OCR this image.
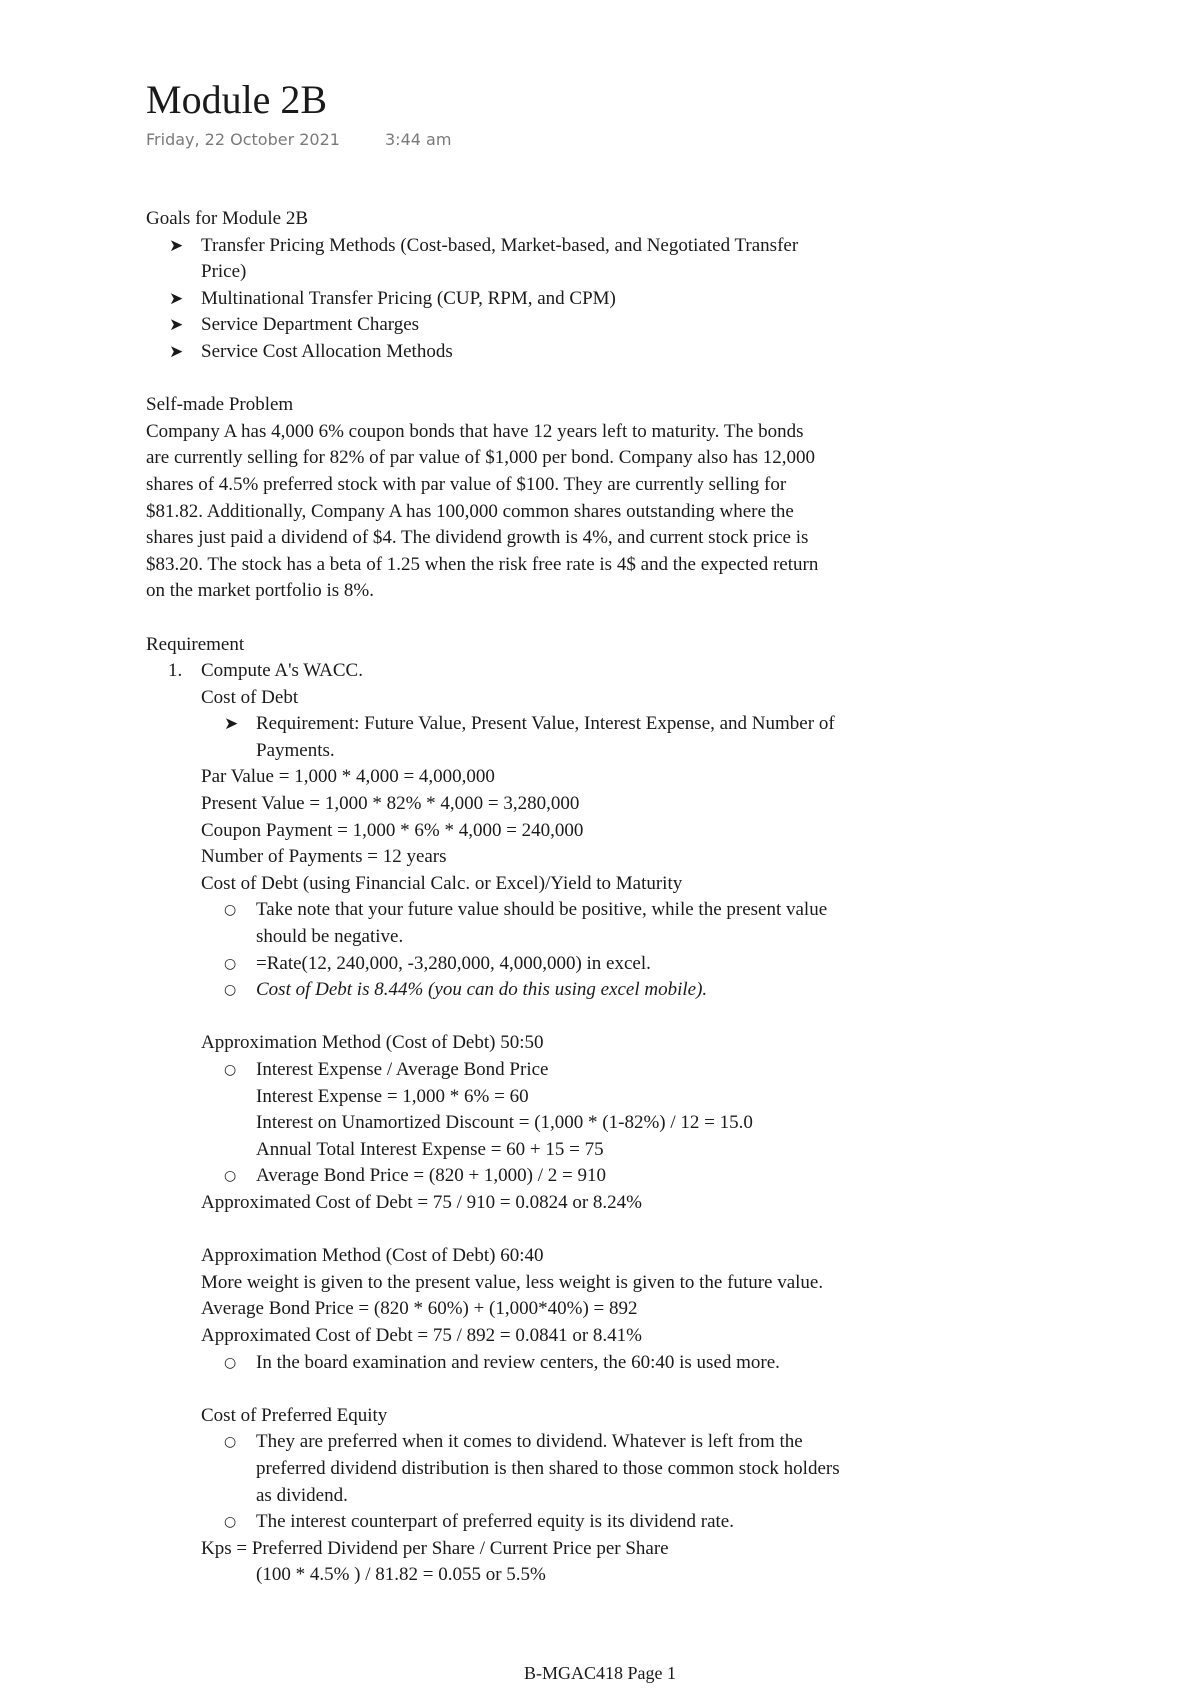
Module 2B
Friday, 22 October 2021	3:44 am
Goals for Module 2B
➤ Transfer Pricing Methods (Cost-based, Market-based, and Negotiated Transfer
Price)
➤ Multinational Transfer Pricing (CUP, RPM, and CPM)
➤ Service Department Charges
➤ Service Cost Allocation Methods
Self-made Problem
Company A has 4,000 6% coupon bonds that have 12 years left to maturity. The bonds
are currently selling for 82% of par value of $1,000 per bond. Company also has 12,000
shares of 4.5% preferred stock with par value of $100. They are currently selling for
$81.82. Additionally, Company A has 100,000 common shares outstanding where the
shares just paid a dividend of $4. The dividend growth is 4%, and current stock price is
$83.20. The stock has a beta of 1.25 when the risk free rate is 4$ and the expected return
on the market portfolio is 8%.
Requirement
1. Compute A's WACC.
Cost of Debt
➤ Requirement: Future Value, Present Value, Interest Expense, and Number of
Payments.
Par Value = 1,000 * 4,000 = 4,000,000
Present Value = 1,000 * 82% * 4,000 = 3,280,000
Coupon Payment = 1,000 * 6% * 4,000 = 240,000
Number of Payments = 12 years
Cost of Debt (using Financial Calc. or Excel)/Yield to Maturity
○	Take note that your future value should be positive, while the present value
should be negative.
○	=Rate(12, 240,000, -3,280,000, 4,000,000) in excel.
○	Cost of Debt is 8.44% (you can do this using excel mobile).
Approximation Method (Cost of Debt) 50:50
○	Interest Expense / Average Bond Price
Interest Expense = 1,000 * 6% = 60
Interest on Unamortized Discount = (1,000 * (1-82%) / 12 = 15.0
Annual Total Interest Expense = 60 + 15 = 75
○	Average Bond Price = (820 + 1,000) / 2 = 910
Approximated Cost of Debt = 75 / 910 = 0.0824 or 8.24%
Approximation Method (Cost of Debt) 60:40
More weight is given to the present value, less weight is given to the future value.
Average Bond Price = (820 * 60%) + (1,000*40%) = 892
Approximated Cost of Debt = 75 / 892 = 0.0841 or 8.41%
○	In the board examination and review centers, the 60:40 is used more.
Cost of Preferred Equity
○	They are preferred when it comes to dividend. Whatever is left from the
preferred dividend distribution is then shared to those common stock holders
as dividend.
○	The interest counterpart of preferred equity is its dividend rate.
Kps = Preferred Dividend per Share / Current Price per Share
(100 * 4.5% ) / 81.82 = 0.055 or 5.5%
B-MGAC418 Page 1
